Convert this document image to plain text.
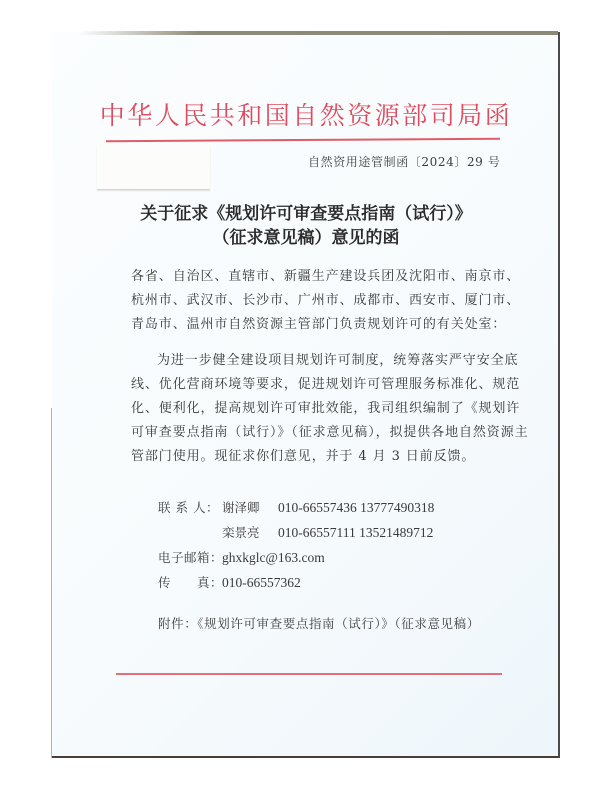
中华人民共和国自然资源部司局函
自然资用途管制函〔2024〕29 号
关于征求《规划许可审查要点指南（试行）》
（征求意见稿）意见的函
各省、自治区、直辖市、新疆生产建设兵团及沈阳市、南京市、
杭州市、武汉市、长沙市、广州市、成都市、西安市、厦门市、
青岛市、温州市自然资源主管部门负责规划许可的有关处室：
为进一步健全建设项目规划许可制度，统筹落实严守安全底
线、优化营商环境等要求，促进规划许可管理服务标准化、规范
化、便利化，提高规划许可审批效能，我司组织编制了《规划许
可审查要点指南（试行）》（征求意见稿），拟提供各地自然资源主
管部门使用。现征求你们意见，并于 4 月 3 日前反馈。
联 系 人： 谢泽卿	010-66557436 13777490318
栾景亮	010-66557111 13521489712
电子邮箱：
ghxkglc@163.com
传　　真：
010-66557362
附件：《规划许可审查要点指南（试行）》（征求意见稿）
